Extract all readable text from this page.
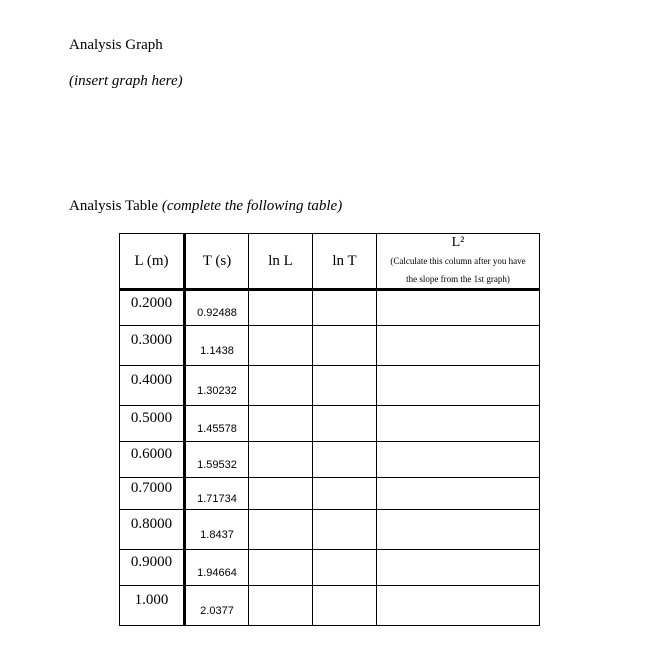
Analysis Graph
(insert graph here)
Analysis Table (complete the following table)
L (m)	T (s)	ln L	ln T	L²
(Calculate this column after you have
the slope from the 1st graph)

0.2000	0.92488			
0.3000	1.1438			
0.4000	1.30232			
0.5000	1.45578			
0.6000	1.59532			
0.7000	1.71734			
0.8000	1.8437			
0.9000	1.94664			
1.000	2.0377			
